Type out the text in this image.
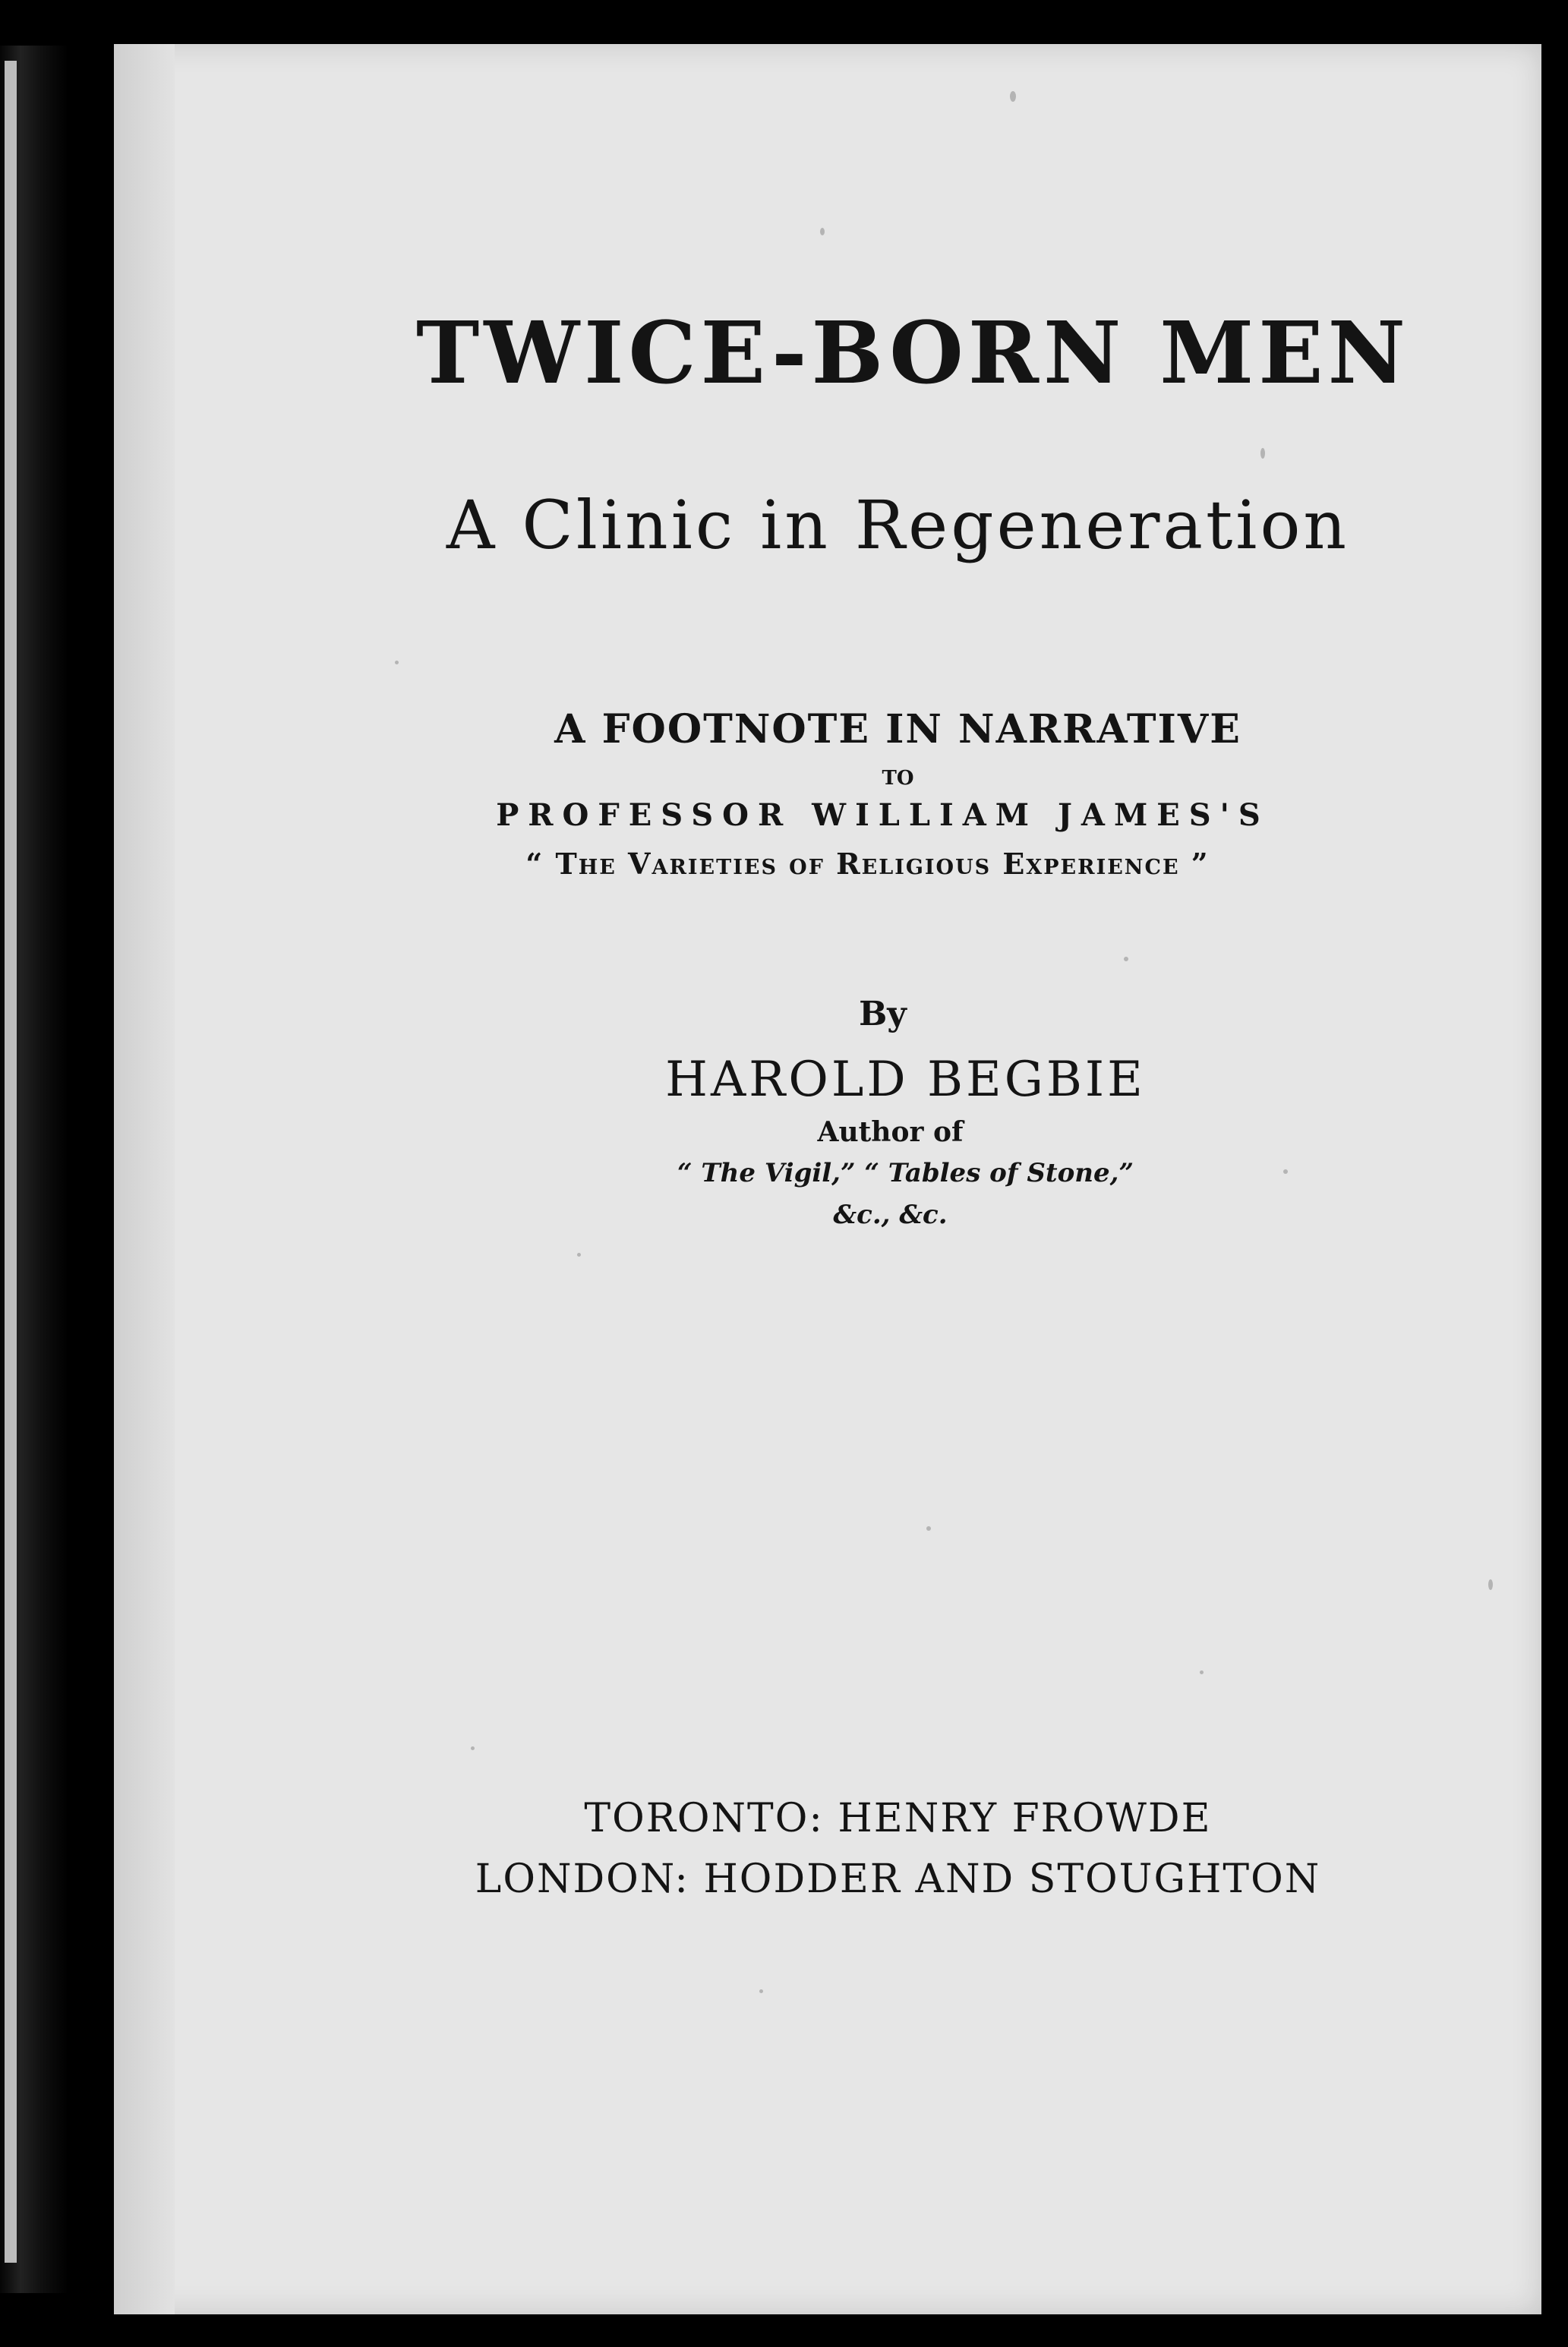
TWICE-BORN MEN
A Clinic in Regeneration
A FOOTNOTE IN NARRATIVE
TO
PROFESSOR WILLIAM JAMES'S
“ The Varieties of Religious Experience ”
By
HAROLD BEGBIE
Author of
“ The Vigil,” “ Tables of Stone,”
&c., &c.
TORONTO: HENRY FROWDE
LONDON: HODDER AND STOUGHTON
